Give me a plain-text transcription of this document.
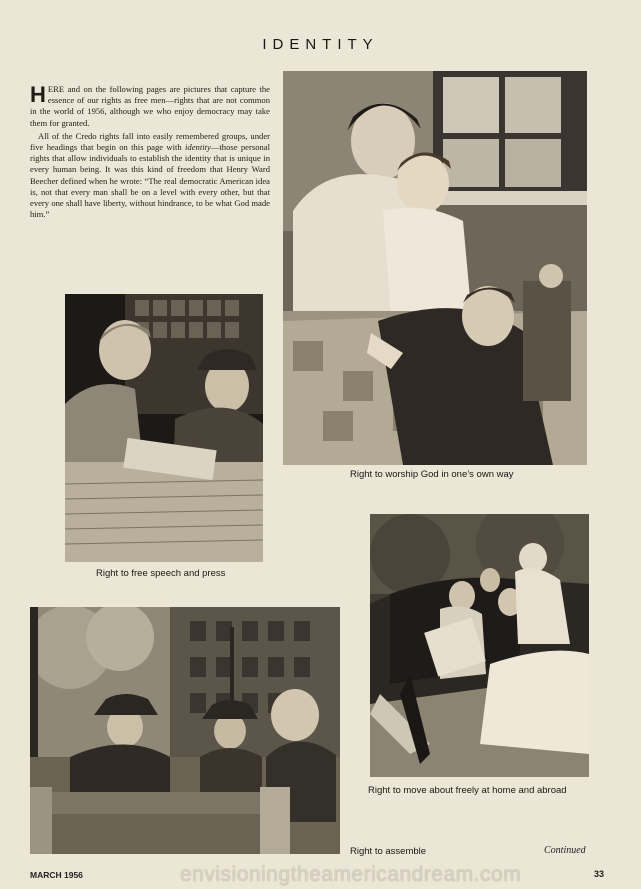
IDENTITY

HERE and on the following pages are pictures that capture the essence of our rights as free men—rights that are not common in the world of 1956, although we who enjoy democracy may take them for granted.

All of the Credo rights fall into easily remembered groups, under five headings that begin on this page with identity—those personal rights that allow individuals to establish the identity that is unique in every human being. It was this kind of freedom that Henry Ward Beecher defined when he wrote: “The real democratic American idea is, not that every man shall be on a level with every other, but that every one shall have liberty, without hindrance, to be what God made him.”

Right to worship God in one’s own way
Right to free speech and press
Right to move about freely at home and abroad
Right to assemble	Continued
MARCH 1956	envisioningtheamericandream.com	33
